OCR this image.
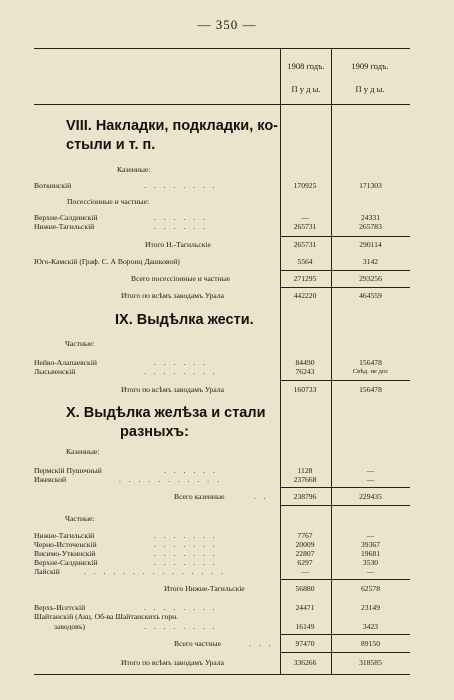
— 350 —
1908 годъ.	1909 годъ.
П у д ы.	П у д ы.
VIII. Накладки, подкладки, ко-
стыли и т. п.
Казенные:
Воткинскій	. . . . . . . .	170925	171303
Посессіонные и частные:
Верхне-Салдинскій	. . . . . .	—	24331
Нижне-Тагильскій	. . . . . .	265731	265783
Итого Н.-Тагильскіе	265731	290114
Юго-Камскій (Граф. С. А Воронц Дашковой)	5564	3142
Всего посессіонные и частные	271295	293256
Итого по всѣмъ заводамъ Урала	442220	464559
IX. Выдѣлка жести.
Частные:
Нейво-Алапаевскій	. . . . . .	84490	156478
Лысьвенскій	. . . . . . . .	76243	Свѣд. не дос
Итого по всѣмъ заводамъ Урала	160733	156478
X. Выдѣлка желѣза и стали
разныхъ:
Казенные:
Пермскій Пушечный	. . . . . .	1128	—
Ижевской	. . . . . . . . . . .	237668	—
Всего казенные	. .	238796	229435
Частные:
Нижне-Тагильскій	. . . . . . .	7767	—
Черно-Источенскій	. . . . . . .	20009	39367
Висимо-Уткинскій	. . . . . . .	22807	19681
Верхне-Салдинскій	. . . . . . .	6297	3530
Лайскій	. . . . . . . . . . . . . . .	—	—
Итого Нижне-Тагильскіе	56880	62578
Верхъ-Исетскій	. . . . . . . .	24471	23149
Шайтанскій (Акц. Об-ва Шайтанскихъ горн.
заводовъ)	. . . . . . . .	16149	3423
Всего частные	. . .	97470	89150
Итого по всѣмъ заводамъ Урала	336266	318585
